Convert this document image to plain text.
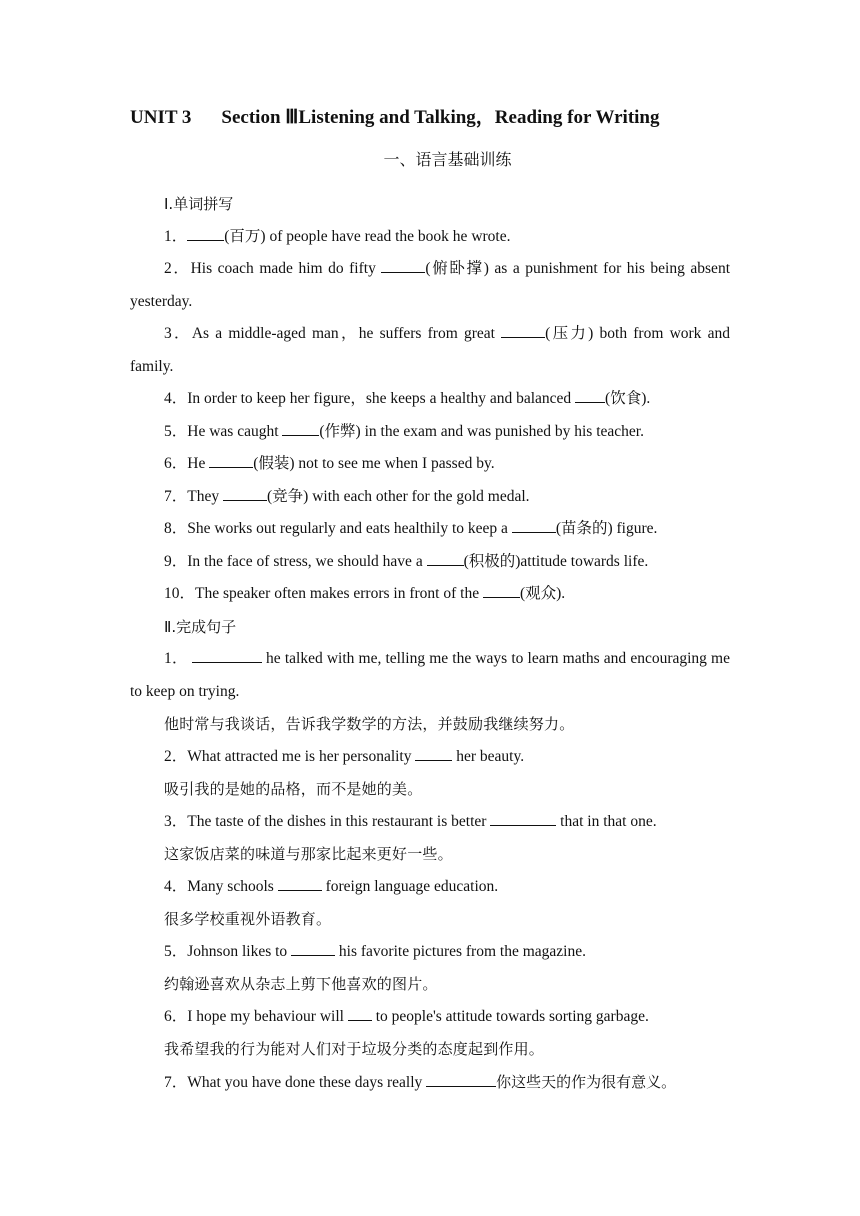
UNIT 3 Section ⅢListening and Talking，Reading for Writing
一、语言基础训练
Ⅰ.单词拼写
1． (百万) of people have read the book he wrote.
2．His coach made him do fifty	(俯卧撑) as a punishment for his being absent yesterday.
3．As a middle-aged man，he suffers from great	(压力) both from work and family.
4．In order to keep her figure，she keeps a healthy and balanced (饮食).
5．He was caught (作弊) in the exam and was punished by his teacher.
6．He	(假装) not to see me when I passed by.
7．They	(竞争) with each other for the gold medal.
8．She works out regularly and eats healthily to keep a	(苗条的) figure.
9．In the face of stress, we should have a (积极的)attitude towards life.
10．The speaker often makes errors in front of the (观众).
Ⅱ.完成句子
1．	he talked with me, telling me the ways to learn maths and encouraging me to keep on trying.
他时常与我谈话，告诉我学数学的方法，并鼓励我继续努力。
2．What attracted me is her personality  her beauty.
吸引我的是她的品格，而不是她的美。
3．The taste of the dishes in this restaurant is better	that in that one.
这家饭店菜的味道与那家比起来更好一些。
4．Many schools	foreign language education.
很多学校重视外语教育。
5．Johnson likes to	his favorite pictures from the magazine.
约翰逊喜欢从杂志上剪下他喜欢的图片。
6．I hope my behaviour will  to people's attitude towards sorting garbage.
我希望我的行为能对人们对于垃圾分类的态度起到作用。
7．What you have done these days really	你这些天的作为很有意义。
